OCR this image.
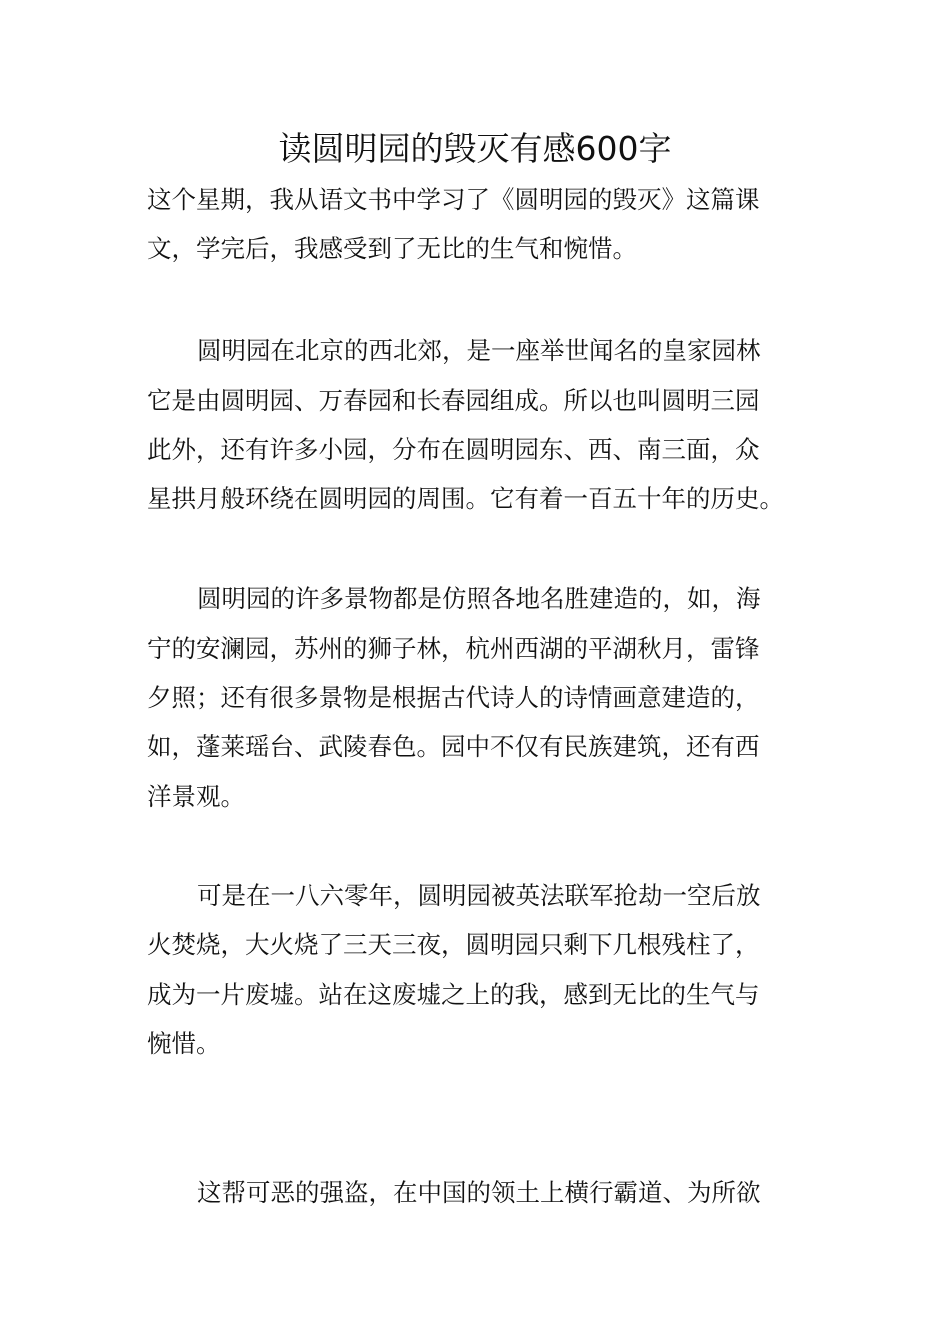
读圆明园的毁灭有感600字
这个星期，我从语文书中学习了《圆明园的毁灭》这篇课
文，学完后，我感受到了无比的生气和惋惜。
圆明园在北京的西北郊，是一座举世闻名的皇家园林
它是由圆明园、万春园和长春园组成。所以也叫圆明三园
此外，还有许多小园，分布在圆明园东、西、南三面，众
星拱月般环绕在圆明园的周围。它有着一百五十年的历史。
圆明园的许多景物都是仿照各地名胜建造的，如，海
宁的安澜园，苏州的狮子林，杭州西湖的平湖秋月，雷锋
夕照；还有很多景物是根据古代诗人的诗情画意建造的，
如，蓬莱瑶台、武陵春色。园中不仅有民族建筑，还有西
洋景观。
可是在一八六零年，圆明园被英法联军抢劫一空后放
火焚烧，大火烧了三天三夜，圆明园只剩下几根残柱了，
成为一片废墟。站在这废墟之上的我，感到无比的生气与
惋惜。
这帮可恶的强盗，在中国的领土上横行霸道、为所欲
